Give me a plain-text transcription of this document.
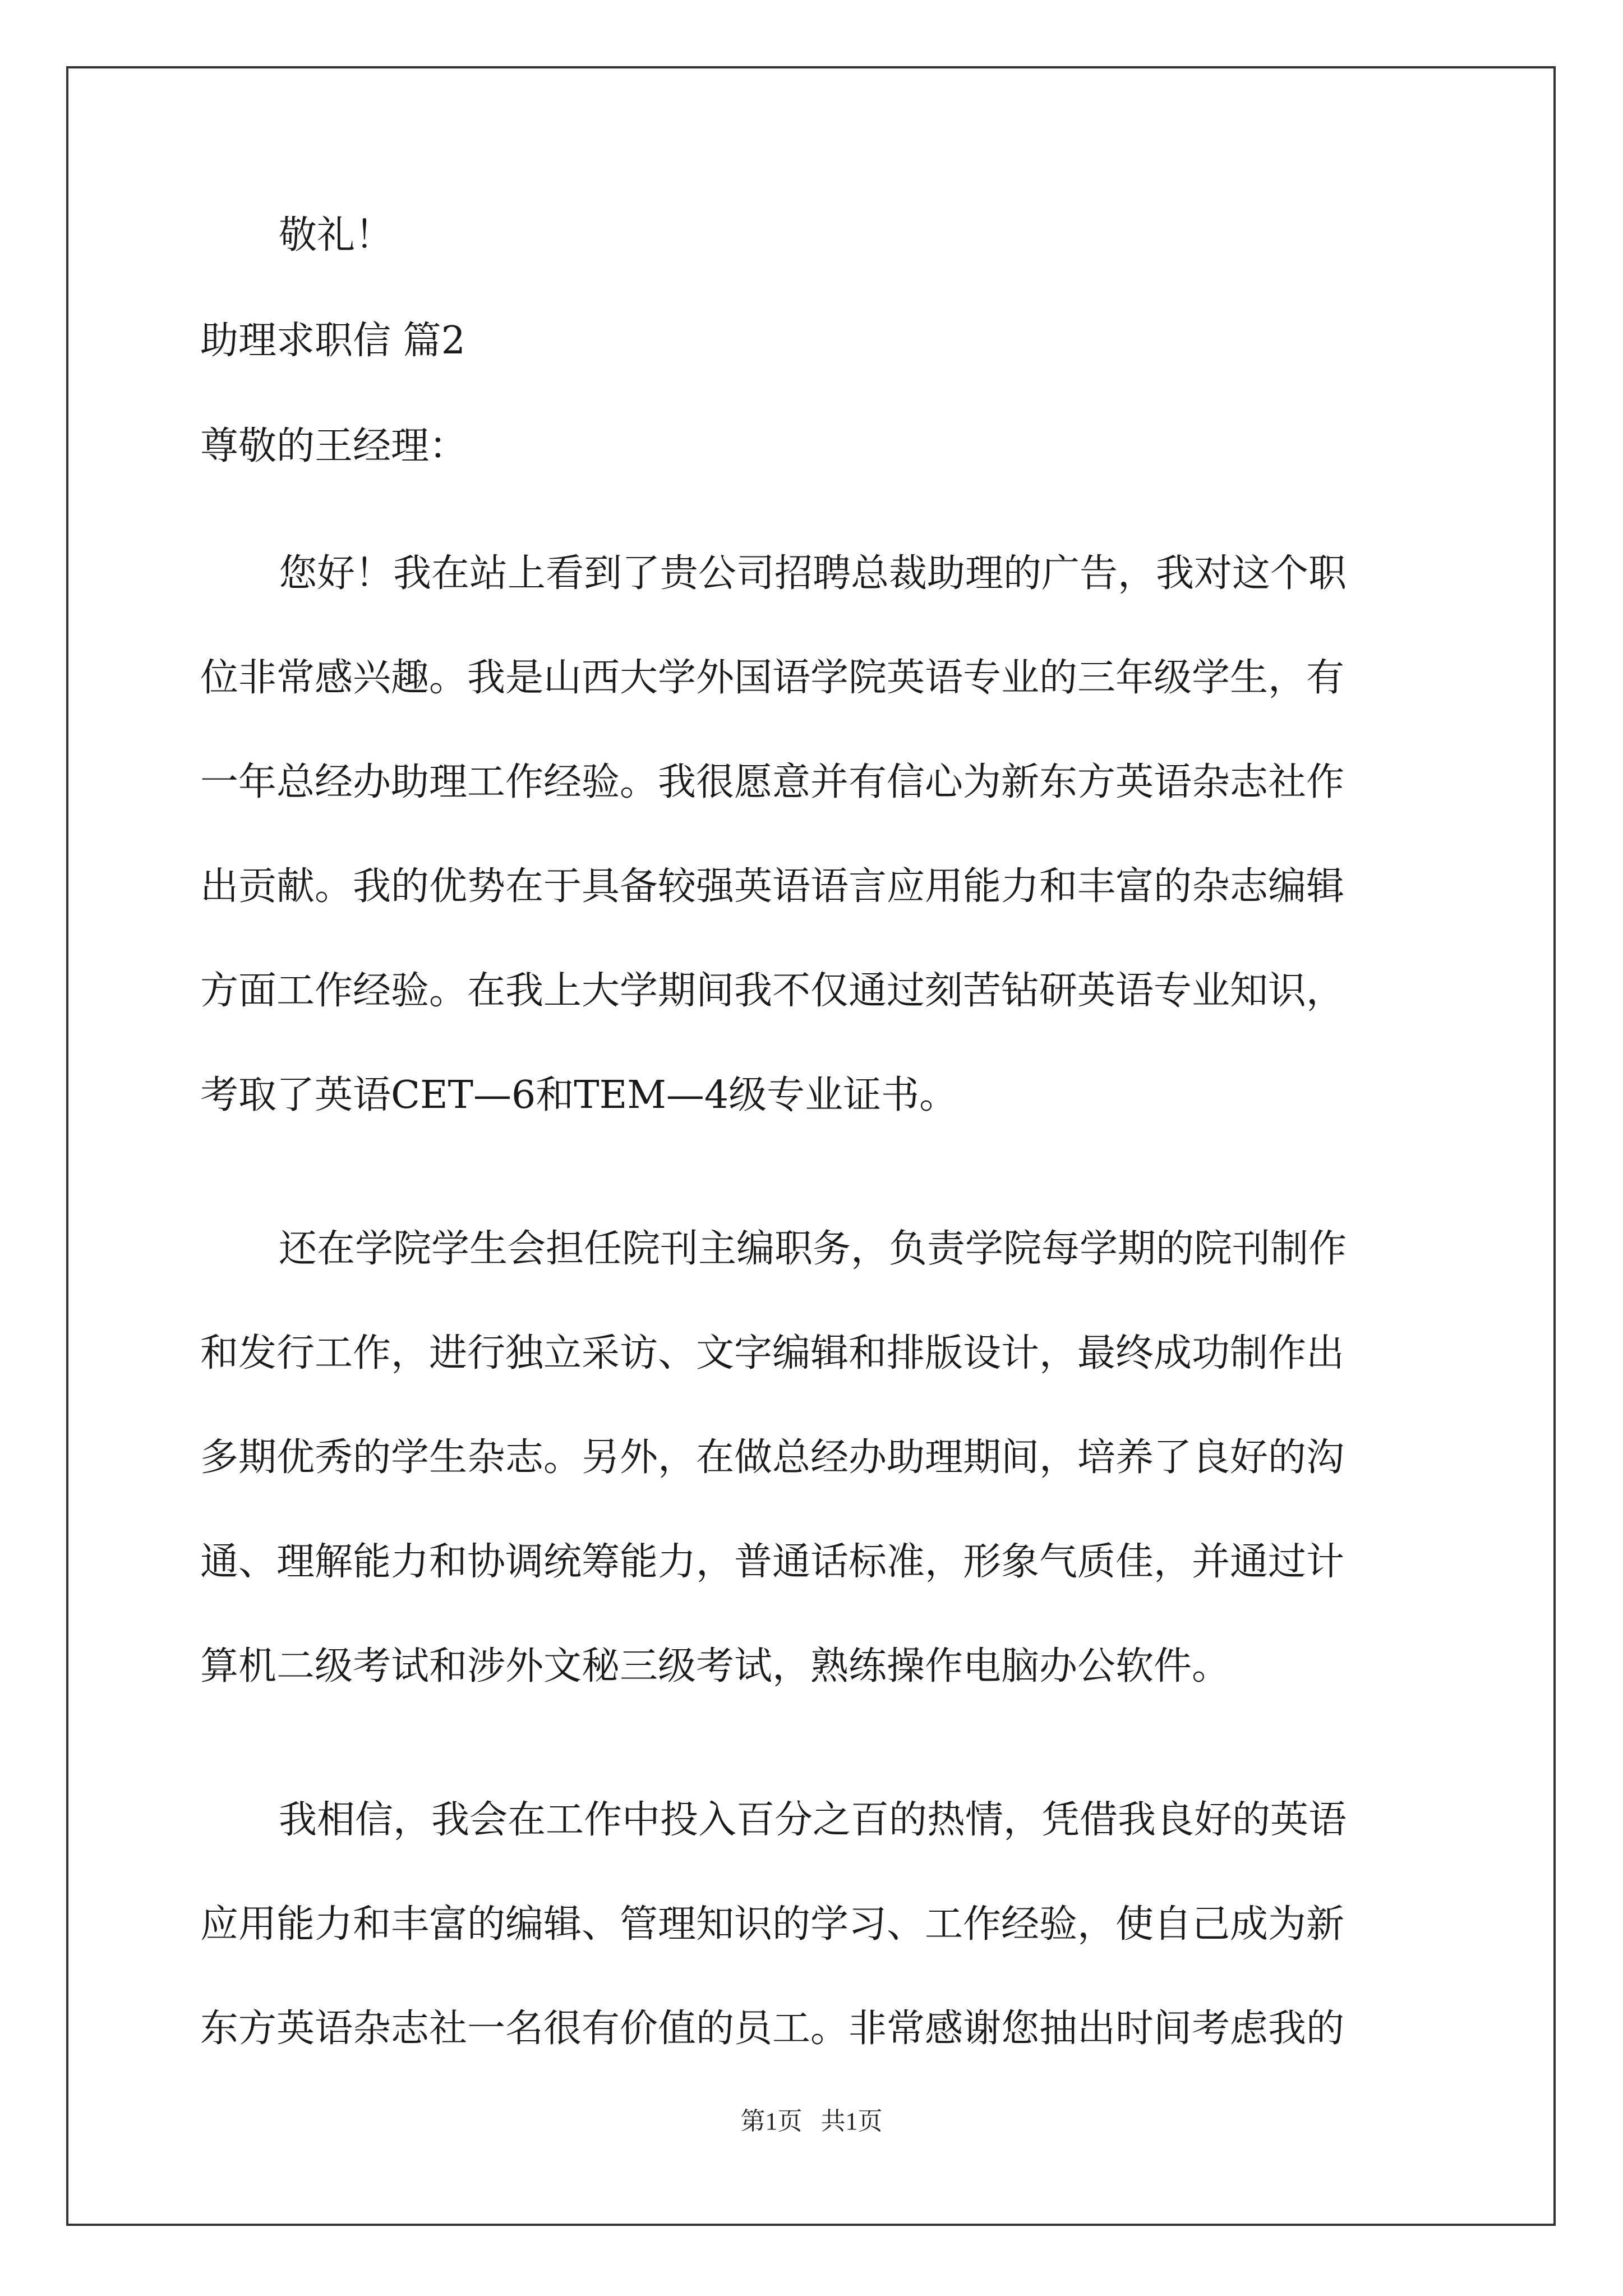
敬礼！

助理求职信 篇2

尊敬的王经理：

您好！我在站上看到了贵公司招聘总裁助理的广告，我对这个职
位非常感兴趣。我是山西大学外国语学院英语专业的三年级学生，有
一年总经办助理工作经验。我很愿意并有信心为新东方英语杂志社作
出贡献。我的优势在于具备较强英语语言应用能力和丰富的杂志编辑
方面工作经验。在我上大学期间我不仅通过刻苦钻研英语专业知识，
考取了英语CET—6和TEM—4级专业证书。
还在学院学生会担任院刊主编职务，负责学院每学期的院刊制作
和发行工作，进行独立采访、文字编辑和排版设计，最终成功制作出
多期优秀的学生杂志。另外，在做总经办助理期间，培养了良好的沟
通、理解能力和协调统筹能力，普通话标准，形象气质佳，并通过计
算机二级考试和涉外文秘三级考试，熟练操作电脑办公软件。
我相信，我会在工作中投入百分之百的热情，凭借我良好的英语
应用能力和丰富的编辑、管理知识的学习、工作经验，使自己成为新
东方英语杂志社一名很有价值的员工。非常感谢您抽出时间考虑我的
第1页   共1页
